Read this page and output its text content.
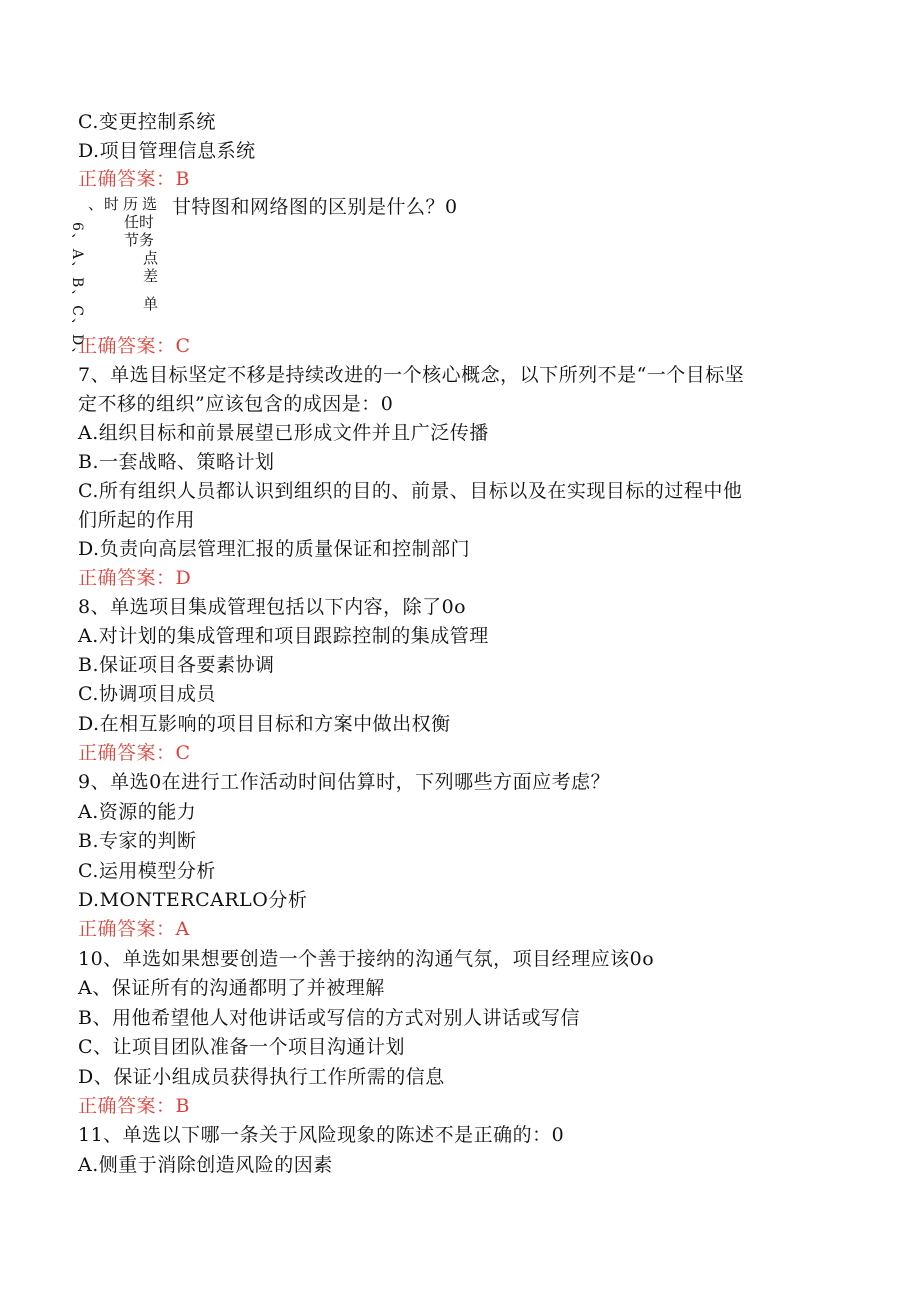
C.变更控制系统
D.项目管理信息系统
正确答案：B
、 时 历 选
任时
节务
点
差
单
6、A、B、C、D、
甘特图和网络图的区别是什么？0
正确答案：C
7、单选目标坚定不移是持续改进的一个核心概念，以下所列不是“一个目标坚
定不移的组织”应该包含的成因是：0
A.组织目标和前景展望已形成文件并且广泛传播
B.一套战略、策略计划
C.所有组织人员都认识到组织的目的、前景、目标以及在实现目标的过程中他
们所起的作用
D.负责向高层管理汇报的质量保证和控制部门
正确答案：D
8、单选项目集成管理包括以下内容，除了0o
A.对计划的集成管理和项目跟踪控制的集成管理
B.保证项目各要素协调
C.协调项目成员
D.在相互影响的项目目标和方案中做出权衡
正确答案：C
9、单选0在进行工作活动时间估算时，下列哪些方面应考虑？
A.资源的能力
B.专家的判断
C.运用模型分析
D.MONTERCARLO分析
正确答案：A
10、单选如果想要创造一个善于接纳的沟通气氛，项目经理应该0o
A、保证所有的沟通都明了并被理解
B、用他希望他人对他讲话或写信的方式对别人讲话或写信
C、让项目团队准备一个项目沟通计划
D、保证小组成员获得执行工作所需的信息
正确答案：B
11、单选以下哪一条关于风险现象的陈述不是正确的：0
A.侧重于消除创造风险的因素
